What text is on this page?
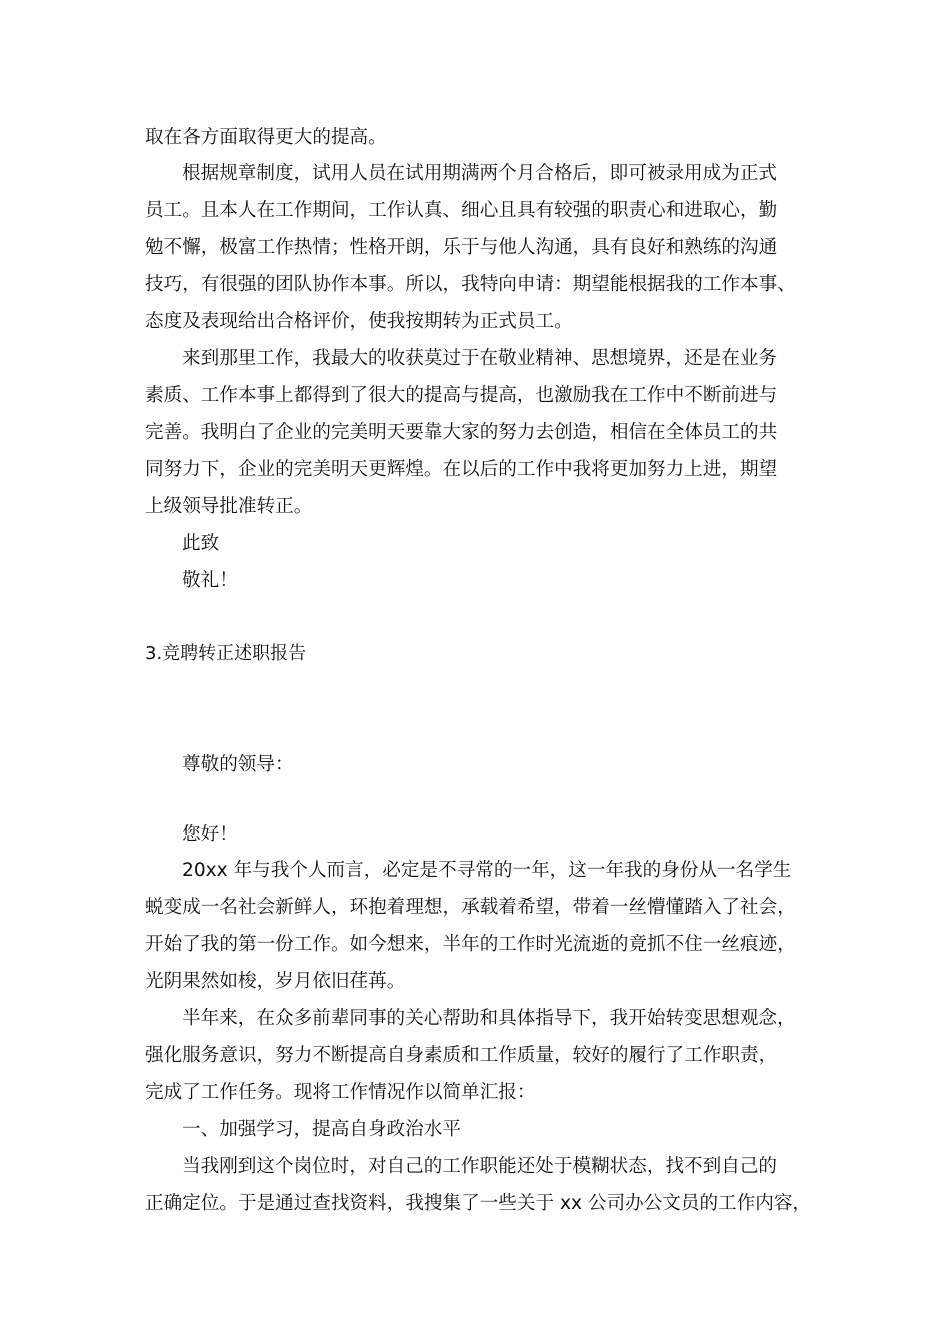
取在各方面取得更大的提高。
根据规章制度，试用人员在试用期满两个月合格后，即可被录用成为正式
员工。且本人在工作期间，工作认真、细心且具有较强的职责心和进取心，勤
勉不懈，极富工作热情；性格开朗，乐于与他人沟通，具有良好和熟练的沟通
技巧，有很强的团队协作本事。所以，我特向申请：期望能根据我的工作本事、
态度及表现给出合格评价，使我按期转为正式员工。
来到那里工作，我最大的收获莫过于在敬业精神、思想境界，还是在业务
素质、工作本事上都得到了很大的提高与提高，也激励我在工作中不断前进与
完善。我明白了企业的完美明天要靠大家的努力去创造，相信在全体员工的共
同努力下，企业的完美明天更辉煌。在以后的工作中我将更加努力上进，期望
上级领导批准转正。
此致
敬礼！
3.竞聘转正述职报告
尊敬的领导：
您好！
20xx 年与我个人而言，必定是不寻常的一年，这一年我的身份从一名学生
蜕变成一名社会新鲜人，环抱着理想，承载着希望，带着一丝懵懂踏入了社会，
开始了我的第一份工作。如今想来，半年的工作时光流逝的竟抓不住一丝痕迹，
光阴果然如梭，岁月依旧荏苒。
半年来，在众多前辈同事的关心帮助和具体指导下，我开始转变思想观念，
强化服务意识，努力不断提高自身素质和工作质量，较好的履行了工作职责，
完成了工作任务。现将工作情况作以简单汇报：
一、加强学习，提高自身政治水平
当我刚到这个岗位时，对自己的工作职能还处于模糊状态，找不到自己的
正确定位。于是通过查找资料，我搜集了一些关于 xx 公司办公文员的工作内容，
